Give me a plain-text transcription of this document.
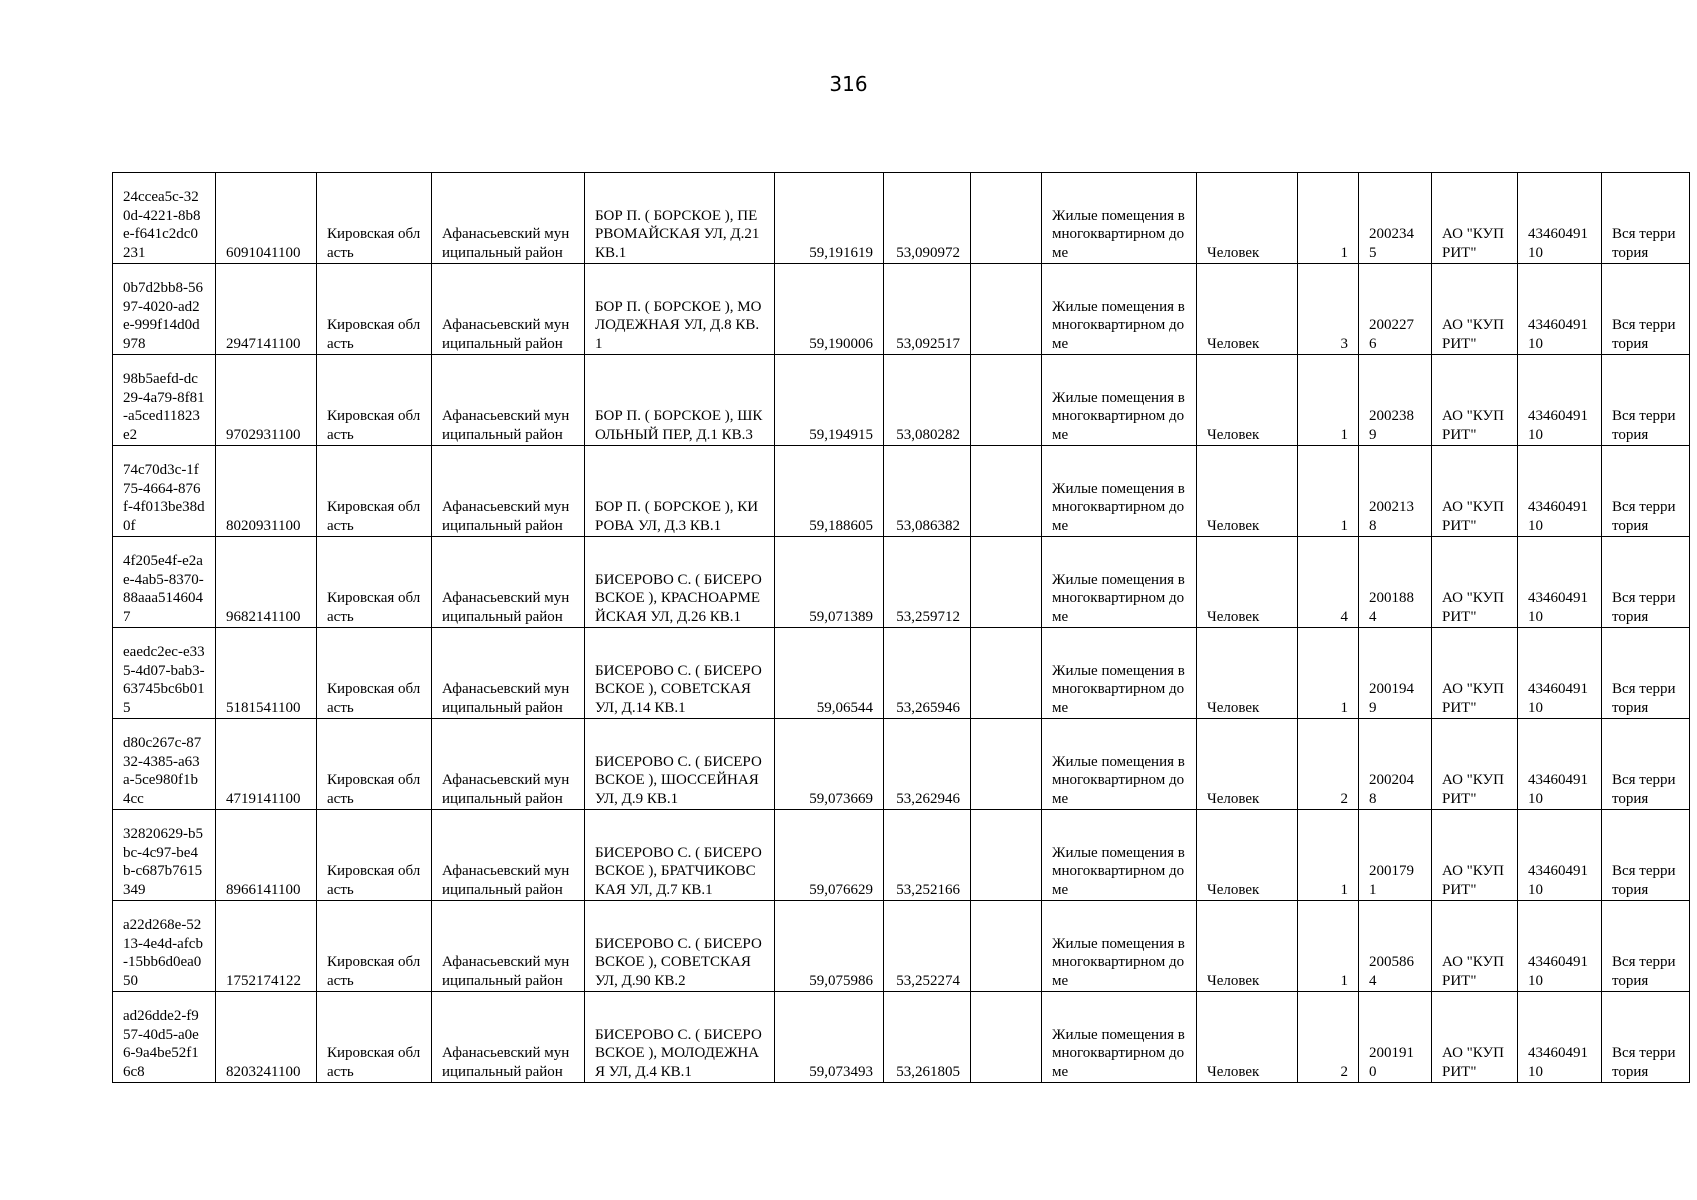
316
24ccea5c-320d-4221-8b8e-f641c2dc0231	6091041100	Кировская область	Афанасьевский муниципальный район	БОР П. ( БОРСКОЕ ), ПЕРВОМАЙСКАЯ УЛ, Д.21 КВ.1	59,191619	53,090972		Жилые помещения в многоквартирном доме	Человек	1	2002345	АО "КУПРИТ"	4346049110	Вся территория
0b7d2bb8-5697-4020-ad2e-999f14d0d978	2947141100	Кировская область	Афанасьевский муниципальный район	БОР П. ( БОРСКОЕ ), МОЛОДЕЖНАЯ УЛ, Д.8 КВ.1	59,190006	53,092517		Жилые помещения в многоквартирном доме	Человек	3	2002276	АО "КУПРИТ"	4346049110	Вся территория
98b5aefd-dc29-4a79-8f81-a5ced11823e2	9702931100	Кировская область	Афанасьевский муниципальный район	БОР П. ( БОРСКОЕ ), ШКОЛЬНЫЙ ПЕР, Д.1 КВ.3	59,194915	53,080282		Жилые помещения в многоквартирном доме	Человек	1	2002389	АО "КУПРИТ"	4346049110	Вся территория
74c70d3c-1f75-4664-876f-4f013be38d0f	8020931100	Кировская область	Афанасьевский муниципальный район	БОР П. ( БОРСКОЕ ), КИРОВА УЛ, Д.3 КВ.1	59,188605	53,086382		Жилые помещения в многоквартирном доме	Человек	1	2002138	АО "КУПРИТ"	4346049110	Вся территория
4f205e4f-e2ae-4ab5-8370-88aaa5146047	9682141100	Кировская область	Афанасьевский муниципальный район	БИСЕРОВО С. ( БИСЕРОВСКОЕ ), КРАСНОАРМЕЙСКАЯ УЛ, Д.26 КВ.1	59,071389	53,259712		Жилые помещения в многоквартирном доме	Человек	4	2001884	АО "КУПРИТ"	4346049110	Вся территория
eaedc2ec-e335-4d07-bab3-63745bc6b015	5181541100	Кировская область	Афанасьевский муниципальный район	БИСЕРОВО С. ( БИСЕРОВСКОЕ ), СОВЕТСКАЯ УЛ, Д.14 КВ.1	59,06544	53,265946		Жилые помещения в многоквартирном доме	Человек	1	2001949	АО "КУПРИТ"	4346049110	Вся территория
d80c267c-8732-4385-a63a-5ce980f1b4cc	4719141100	Кировская область	Афанасьевский муниципальный район	БИСЕРОВО С. ( БИСЕРОВСКОЕ ), ШОССЕЙНАЯ УЛ, Д.9 КВ.1	59,073669	53,262946		Жилые помещения в многоквартирном доме	Человек	2	2002048	АО "КУПРИТ"	4346049110	Вся территория
32820629-b5bc-4c97-be4b-c687b7615349	8966141100	Кировская область	Афанасьевский муниципальный район	БИСЕРОВО С. ( БИСЕРОВСКОЕ ), БРАТЧИКОВСКАЯ УЛ, Д.7 КВ.1	59,076629	53,252166		Жилые помещения в многоквартирном доме	Человек	1	2001791	АО "КУПРИТ"	4346049110	Вся территория
a22d268e-5213-4e4d-afcb-15bb6d0ea050	1752174122	Кировская область	Афанасьевский муниципальный район	БИСЕРОВО С. ( БИСЕРОВСКОЕ ), СОВЕТСКАЯ УЛ, Д.90 КВ.2	59,075986	53,252274		Жилые помещения в многоквартирном доме	Человек	1	2005864	АО "КУПРИТ"	4346049110	Вся территория
ad26dde2-f957-40d5-a0e6-9a4be52f16c8	8203241100	Кировская область	Афанасьевский муниципальный район	БИСЕРОВО С. ( БИСЕРОВСКОЕ ), МОЛОДЕЖНАЯ УЛ, Д.4 КВ.1	59,073493	53,261805		Жилые помещения в многоквартирном доме	Человек	2	2001910	АО "КУПРИТ"	4346049110	Вся территория
